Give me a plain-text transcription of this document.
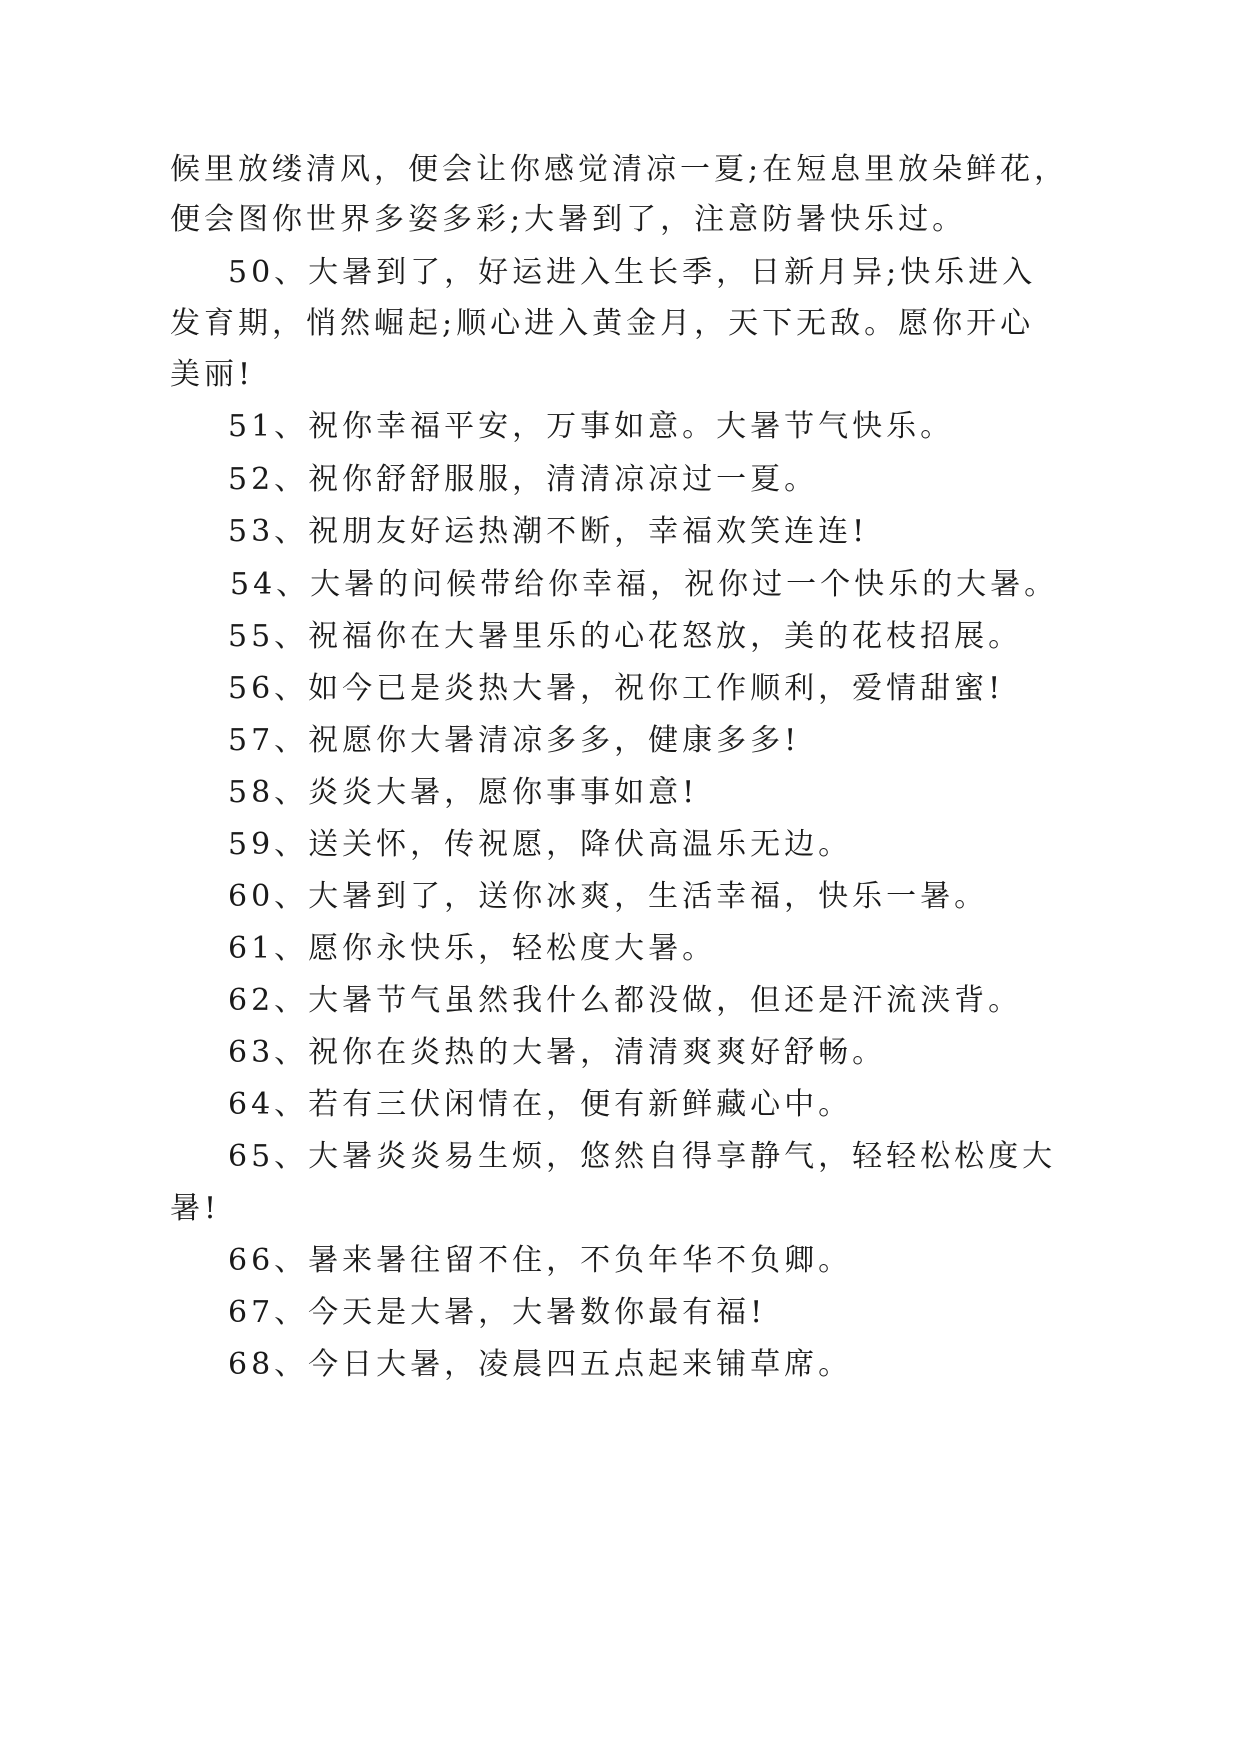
候里放缕清风，便会让你感觉清凉一夏;在短息里放朵鲜花，
便会图你世界多姿多彩;大暑到了，注意防暑快乐过。
50、大暑到了，好运进入生长季，日新月异;快乐进入
发育期，悄然崛起;顺心进入黄金月，天下无敌。愿你开心
美丽!
51、祝你幸福平安，万事如意。大暑节气快乐。
52、祝你舒舒服服，清清凉凉过一夏。
53、祝朋友好运热潮不断，幸福欢笑连连!
54、大暑的问候带给你幸福，祝你过一个快乐的大暑。
55、祝福你在大暑里乐的心花怒放，美的花枝招展。
56、如今已是炎热大暑，祝你工作顺利，爱情甜蜜!
57、祝愿你大暑清凉多多，健康多多!
58、炎炎大暑，愿你事事如意!
59、送关怀，传祝愿，降伏高温乐无边。
60、大暑到了，送你冰爽，生活幸福，快乐一暑。
61、愿你永快乐，轻松度大暑。
62、大暑节气虽然我什么都没做，但还是汗流浃背。
63、祝你在炎热的大暑，清清爽爽好舒畅。
64、若有三伏闲情在，便有新鲜藏心中。
65、大暑炎炎易生烦，悠然自得享静气，轻轻松松度大
暑!
66、暑来暑往留不住，不负年华不负卿。
67、今天是大暑，大暑数你最有福!
68、今日大暑，凌晨四五点起来铺草席。
